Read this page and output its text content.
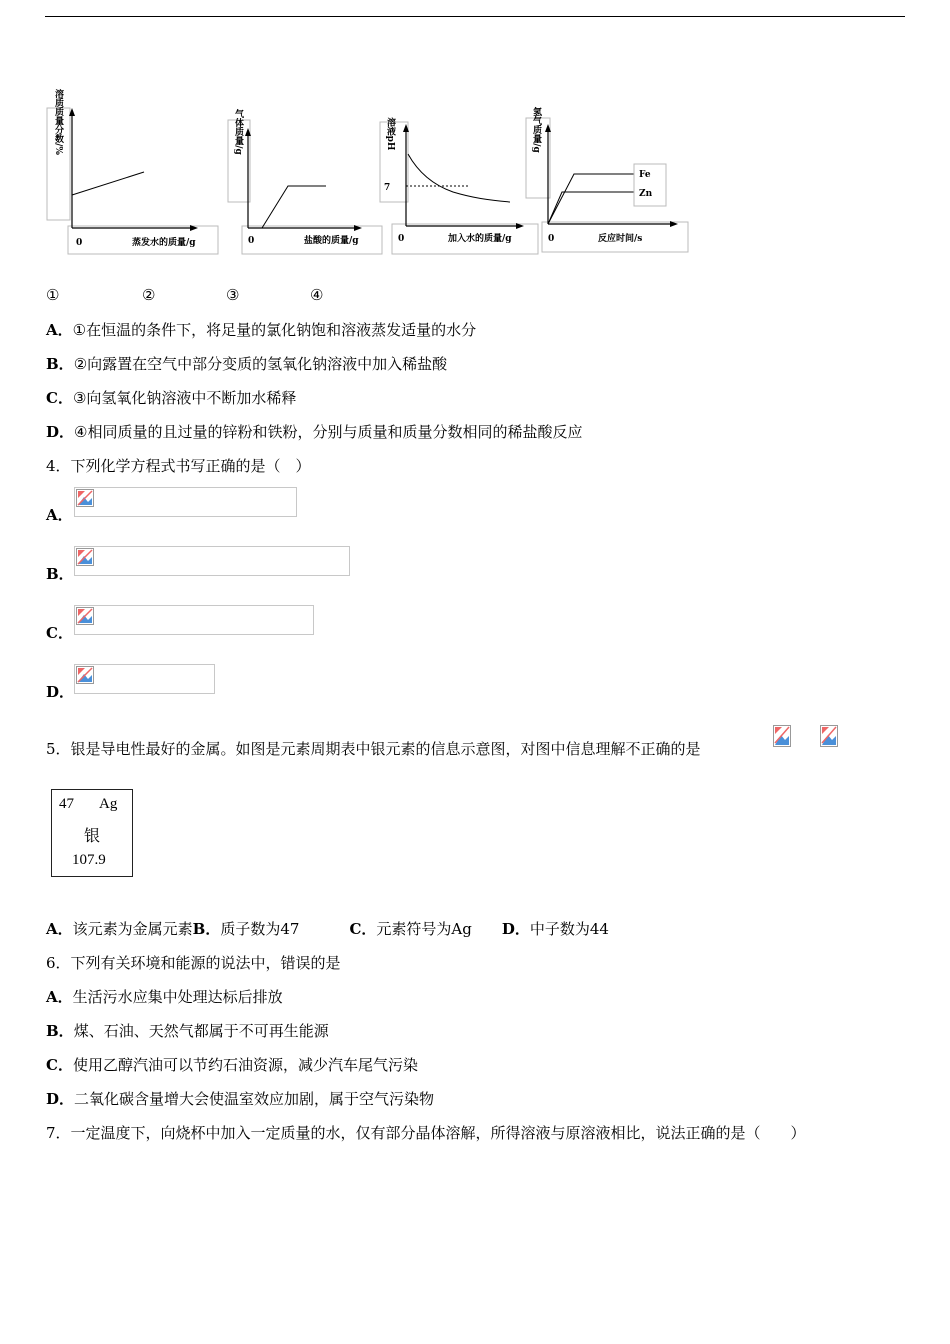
溶质质量分数/%
0	蒸发水的质量/g
气体质量/g
0	盐酸的质量/g
溶液pH
7
0	加入水的质量/g
氢气质量/g
Fe
Zn
0	反应时间/s
①	②	③	④
A．①在恒温的条件下，将足量的氯化钠饱和溶液蒸发适量的水分
B．②向露置在空气中部分变质的氢氧化钠溶液中加入稀盐酸
C．③向氢氧化钠溶液中不断加水稀释
D．④相同质量的且过量的锌粉和铁粉，分别与质量和质量分数相同的稀盐酸反应
4．下列化学方程式书写正确的是（　）
A．
B．
C．
D．
5．银是导电性最好的金属。如图是元素周期表中银元素的信息示意图，对图中信息理解不正确的是
47 Ag
银
107.9
A．该元素为金属元素B．质子数为47	C．元素符号为Ag D．中子数为44
6．下列有关环境和能源的说法中，错误的是
A．生活污水应集中处理达标后排放
B．煤、石油、天然气都属于不可再生能源
C．使用乙醇汽油可以节约石油资源，减少汽车尾气污染
D．二氧化碳含量增大会使温室效应加剧，属于空气污染物
7．一定温度下，向烧杯中加入一定质量的水，仅有部分晶体溶解，所得溶液与原溶液相比，说法正确的是（　　）
